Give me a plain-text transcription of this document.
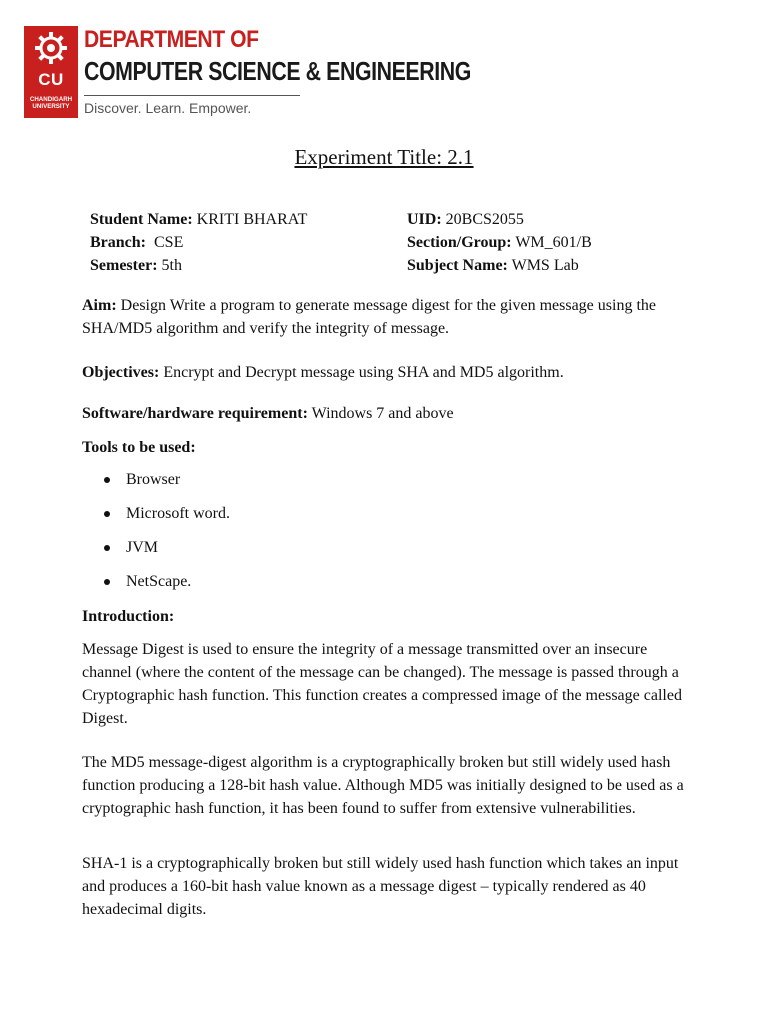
CU
CHANDIGARH UNIVERSITY
DEPARTMENT OF
COMPUTER SCIENCE & ENGINEERING
Discover. Learn. Empower.
Experiment Title: 2.1
Student Name: KRITI BHARAT
Branch:  CSE
Semester: 5th
UID: 20BCS2055
Section/Group: WM_601/B
Subject Name: WMS Lab
Aim: Design Write a program to generate message digest for the given message using the SHA/MD5 algorithm and verify the integrity of message.
Objectives: Encrypt and Decrypt message using SHA and MD5 algorithm.
Software/hardware requirement: Windows 7 and above
Tools to be used:
Browser
Microsoft word.
JVM
NetScape.
Introduction:
Message Digest is used to ensure the integrity of a message transmitted over an insecure channel (where the content of the message can be changed). The message is passed through a Cryptographic hash function. This function creates a compressed image of the message called Digest.
The MD5 message-digest algorithm is a cryptographically broken but still widely used hash function producing a 128-bit hash value. Although MD5 was initially designed to be used as a cryptographic hash function, it has been found to suffer from extensive vulnerabilities.
SHA-1 is a cryptographically broken but still widely used hash function which takes an input and produces a 160-bit hash value known as a message digest – typically rendered as 40 hexadecimal digits.
